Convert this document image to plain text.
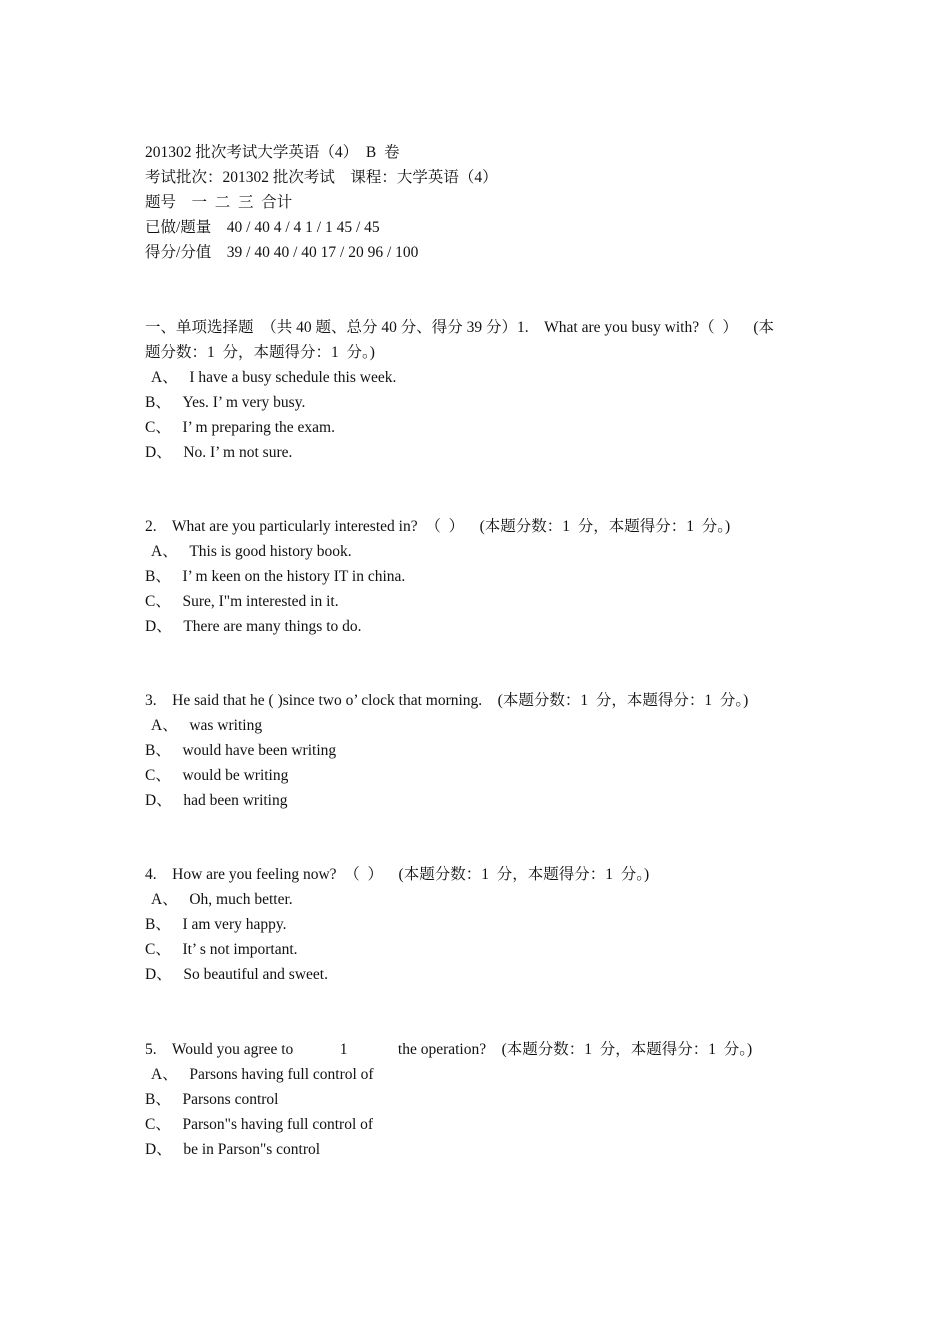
201302 批次考试大学英语（4）  B  卷
考试批次：201302 批次考试    课程：大学英语（4）
题号    一  二  三  合计
已做/题量    40 / 40 4 / 4 1 / 1 45 / 45
得分/分值    39 / 40 40 / 40 17 / 20 96 / 100
一、单项选择题  （共 40 题、总分 40 分、得分 39 分）1.    What are you busy with?（  ）    (本
题分数：1  分，本题得分：1  分。)
A、   I have a busy schedule this week.
B、   Yes. I’ m very busy.
C、   I’ m preparing the exam.
D、   No. I’ m not sure.
2.    What are you particularly interested in?  （  ）    (本题分数：1  分，本题得分：1  分。)
A、   This is good history book.
B、   I’ m keen on the history IT in china.
C、   Sure, I"m interested in it.
D、   There are many things to do.
3.    He said that he ( )since two o’ clock that morning.    (本题分数：1  分，本题得分：1  分。)
A、   was writing
B、   would have been writing
C、   would be writing
D、   had been writing
4.    How are you feeling now?  （  ）    (本题分数：1  分，本题得分：1  分。)
A、   Oh, much better.
B、   I am very happy.
C、   It’ s not important.
D、   So beautiful and sweet.
5.    Would you agree to            1             the operation?    (本题分数：1  分，本题得分：1  分。)
A、   Parsons having full control of
B、   Parsons control
C、   Parson"s having full control of
D、   be in Parson"s control
